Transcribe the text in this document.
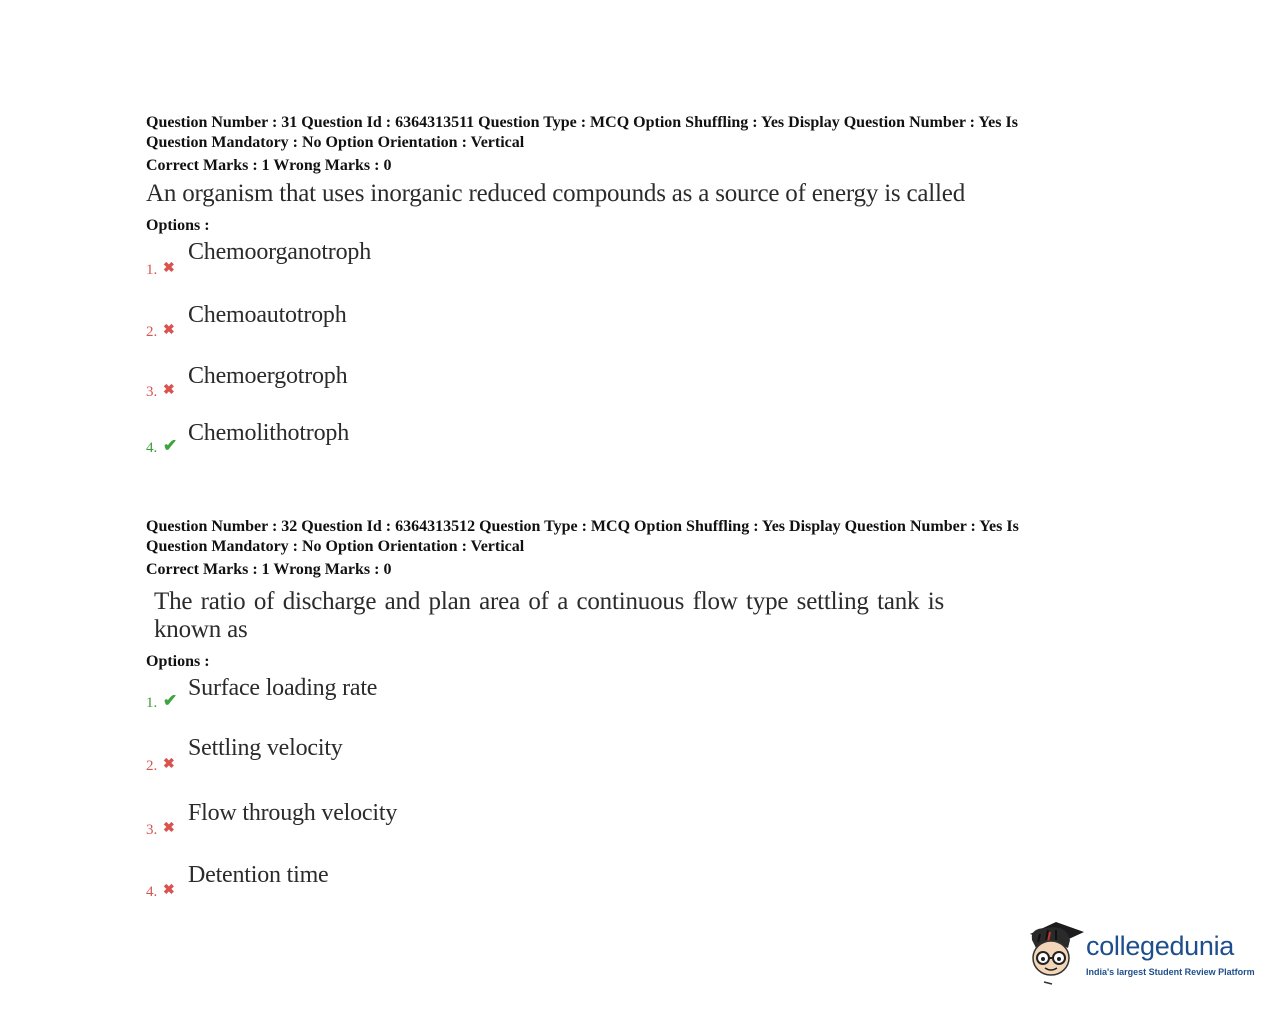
Question Number : 31 Question Id : 6364313511 Question Type : MCQ Option Shuffling : Yes Display Question Number : Yes Is
Question Mandatory : No Option Orientation : Vertical

Correct Marks : 1 Wrong Marks : 0
An organism that uses inorganic reduced compounds as a source of energy is called
Options :
1. ✖
Chemoorganotroph
2. ✖
Chemoautotroph
3. ✖
Chemoergotroph
4. ✔ Chemolithotroph

Question Number : 32 Question Id : 6364313512 Question Type : MCQ Option Shuffling : Yes Display Question Number : Yes Is
Question Mandatory : No Option Orientation : Vertical

Correct Marks : 1 Wrong Marks : 0
The ratio of discharge and plan area of a continuous flow type settling tank is known as
Options :
1. ✔ Surface loading rate
2. ✖
Settling velocity
3. ✖
Flow through velocity
4. ✖
Detention time
collegedunia
India's largest Student Review Platform
